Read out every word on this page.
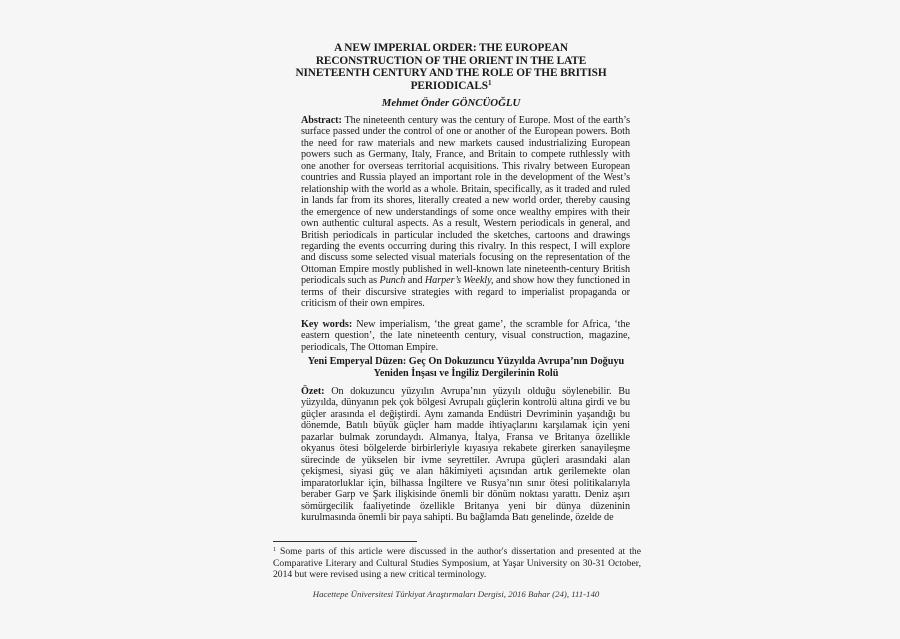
A NEW IMPERIAL ORDER: THE EUROPEAN
RECONSTRUCTION OF THE ORIENT IN THE LATE
NINETEENTH CENTURY AND THE ROLE OF THE BRITISH
PERIODICALS$^1$
Mehmet Önder GÖNCÜOĞLU
Abstract: The nineteenth century was the century of Europe. Most of the earth’s surface passed under the control of one or another of the European powers. Both the need for raw materials and new markets caused industrializing European powers such as Germany, Italy, France, and Britain to compete ruthlessly with one another for overseas territorial acquisitions. This rivalry between European countries and Russia played an important role in the development of the West’s relationship with the world as a whole. Britain, specifically, as it traded and ruled in lands far from its shores, literally created a new world order, thereby causing the emergence of new understandings of some once wealthy empires with their own authentic cultural aspects. As a result, Western periodicals in general, and British periodicals in particular included the sketches, cartoons and drawings regarding the events occurring during this rivalry. In this respect, I will explore and discuss some selected visual materials focusing on the representation of the Ottoman Empire mostly published in well-known late nineteenth-century British periodicals such as Punch and Harper’s Weekly, and show how they functioned in terms of their discursive strategies with regard to imperialist propaganda or criticism of their own empires.
Key words: New imperialism, ‘the great game’, the scramble for Africa, ‘the eastern question’, the late nineteenth century, visual construction, magazine, periodicals, The Ottoman Empire.
Yeni Emperyal Düzen: Geç On Dokuzuncu Yüzyılda Avrupa’nın Doğuyu
Yeniden İnşası ve İngiliz Dergilerinin Rolü
Özet: On dokuzuncu yüzyılın Avrupa’nın yüzyılı olduğu söylenebilir. Bu yüzyılda, dünyanın pek çok bölgesi Avrupalı güçlerin kontrolü altına girdi ve bu güçler arasında el değiştirdi. Aynı zamanda Endüstri Devriminin yaşandığı bu dönemde, Batılı büyük güçler ham madde ihtiyaçlarını karşılamak için yeni pazarlar bulmak zorundaydı. Almanya, İtalya, Fransa ve Britanya özellikle okyanus ötesi bölgelerde birbirleriyle kıyasıya rekabete girerken sanayileşme sürecinde de yükselen bir ivme seyrettiler. Avrupa güçleri arasındaki alan çekişmesi, siyasi güç ve alan hâkimiyeti açısından artık gerilemekte olan imparatorluklar için, bilhassa İngiltere ve Rusya’nın sınır ötesi politikalarıyla beraber Garp ve Şark ilişkisinde önemli bir dönüm noktası yarattı. Deniz aşırı sömürgecilik faaliyetinde özellikle Britanya yeni bir dünya düzeninin kurulmasında önemli bir paya sahipti. Bu bağlamda Batı genelinde, özelde de
$^1$ Some parts of this article were discussed in the author's dissertation and presented at the Comparative Literary and Cultural Studies Symposium, at Yaşar University on 30-31 October, 2014 but were revised using a new critical terminology.
Hacettepe Üniversitesi Türkiyat Araştırmaları Dergisi, 2016 Bahar (24), 111-140
